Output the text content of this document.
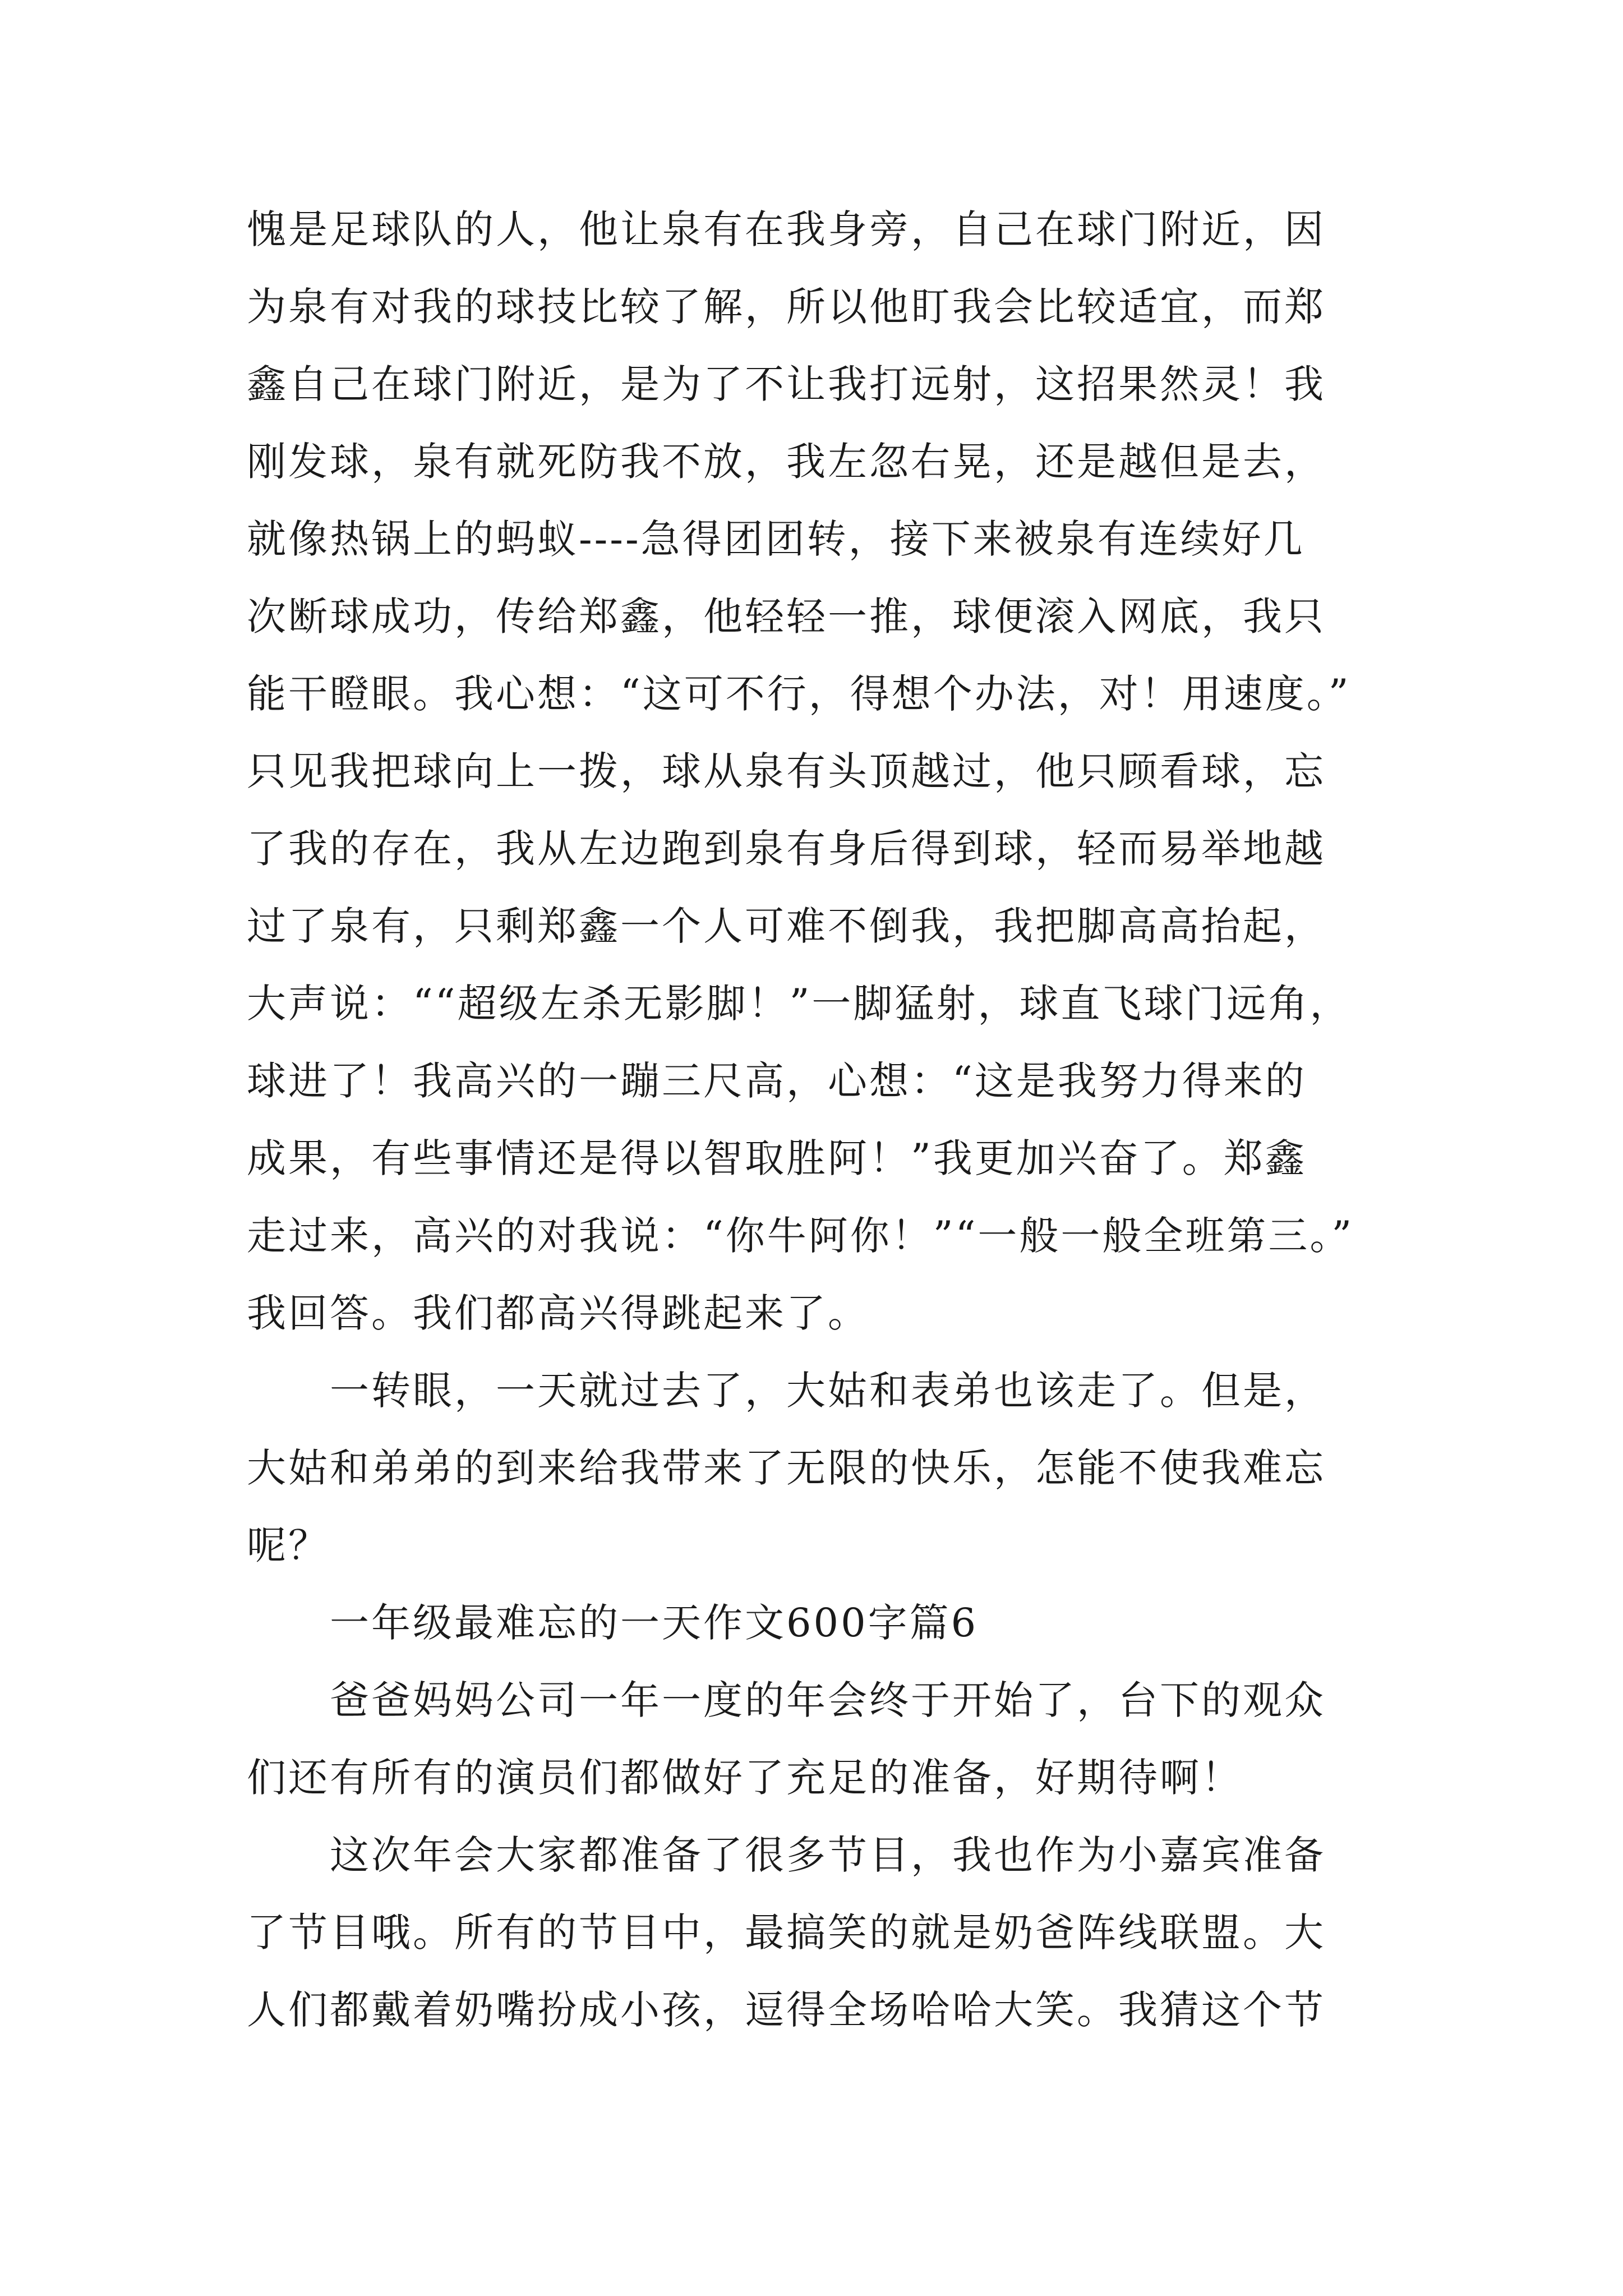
愧是足球队的人，他让泉有在我身旁，自己在球门附近，因
为泉有对我的球技比较了解，所以他盯我会比较适宜，而郑
鑫自己在球门附近，是为了不让我打远射，这招果然灵！我
刚发球，泉有就死防我不放，我左忽右晃，还是越但是去，
就像热锅上的蚂蚁----急得团团转，接下来被泉有连续好几
次断球成功，传给郑鑫，他轻轻一推，球便滚入网底，我只
能干瞪眼。我心想：“这可不行，得想个办法，对！用速度。”
只见我把球向上一拨，球从泉有头顶越过，他只顾看球，忘
了我的存在，我从左边跑到泉有身后得到球，轻而易举地越
过了泉有，只剩郑鑫一个人可难不倒我，我把脚高高抬起，
大声说：““超级左杀无影脚！”一脚猛射，球直飞球门远角，
球进了！我高兴的一蹦三尺高，心想：“这是我努力得来的
成果，有些事情还是得以智取胜阿！”我更加兴奋了。郑鑫
走过来，高兴的对我说：“你牛阿你！”“一般一般全班第三。”
我回答。我们都高兴得跳起来了。
一转眼，一天就过去了，大姑和表弟也该走了。但是，
大姑和弟弟的到来给我带来了无限的快乐，怎能不使我难忘
呢？
一年级最难忘的一天作文600字篇6
爸爸妈妈公司一年一度的年会终于开始了，台下的观众
们还有所有的演员们都做好了充足的准备，好期待啊！
这次年会大家都准备了很多节目，我也作为小嘉宾准备
了节目哦。所有的节目中，最搞笑的就是奶爸阵线联盟。大
人们都戴着奶嘴扮成小孩，逗得全场哈哈大笑。我猜这个节
